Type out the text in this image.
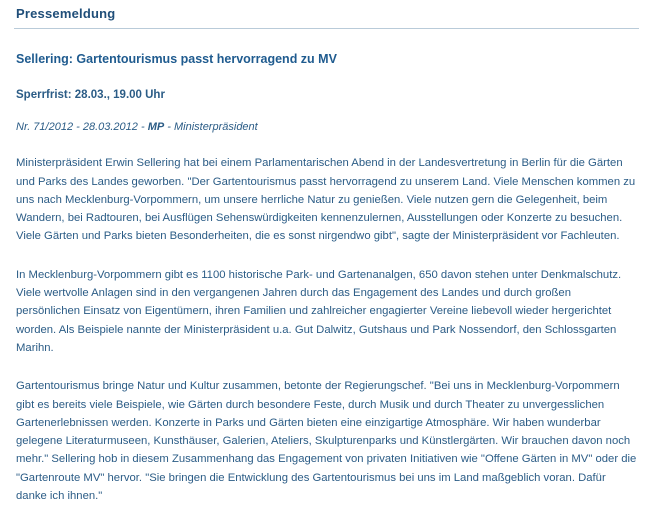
Pressemeldung
Sellering: Gartentourismus passt hervorragend zu MV
Sperrfrist: 28.03., 19.00 Uhr
Nr. 71/2012 - 28.03.2012 - MP - Ministerpräsident

Ministerpräsident Erwin Sellering hat bei einem Parlamentarischen Abend in der Landesvertretung in Berlin für die Gärten und Parks des Landes geworben. "Der Gartentourismus passt hervorragend zu unserem Land. Viele Menschen kommen zu uns nach Mecklenburg-Vorpommern, um unsere herrliche Natur zu genießen. Viele nutzen gern die Gelegenheit, beim Wandern, bei Radtouren, bei Ausflügen Sehenswürdigkeiten kennenzulernen, Ausstellungen oder Konzerte zu besuchen. Viele Gärten und Parks bieten Besonderheiten, die es sonst nirgendwo gibt", sagte der Ministerpräsident vor Fachleuten.

In Mecklenburg-Vorpommern gibt es 1100 historische Park- und Gartenanalgen, 650 davon stehen unter Denkmalschutz. Viele wertvolle Anlagen sind in den vergangenen Jahren durch das Engagement des Landes und durch großen persönlichen Einsatz von Eigentümern, ihren Familien und zahlreicher engagierter Vereine liebevoll wieder hergerichtet worden. Als Beispiele nannte der Ministerpräsident u.a. Gut Dalwitz, Gutshaus und Park Nossendorf, den Schlossgarten Marihn.

Gartentourismus bringe Natur und Kultur zusammen, betonte der Regierungschef. "Bei uns in Mecklenburg-Vorpommern gibt es bereits viele Beispiele, wie Gärten durch besondere Feste, durch Musik und durch Theater zu unvergesslichen Gartenerlebnissen werden. Konzerte in Parks und Gärten bieten eine einzigartige Atmosphäre. Wir haben wunderbar gelegene Literaturmuseen, Kunsthäuser, Galerien, Ateliers, Skulpturenparks und Künstlergärten. Wir brauchen davon noch mehr." Sellering hob in diesem Zusammenhang das Engagement von privaten Initiativen wie "Offene Gärten in MV" oder die "Gartenroute MV" hervor. "Sie bringen die Entwicklung des Gartentourismus bei uns im Land maßgeblich voran. Dafür danke ich ihnen."
